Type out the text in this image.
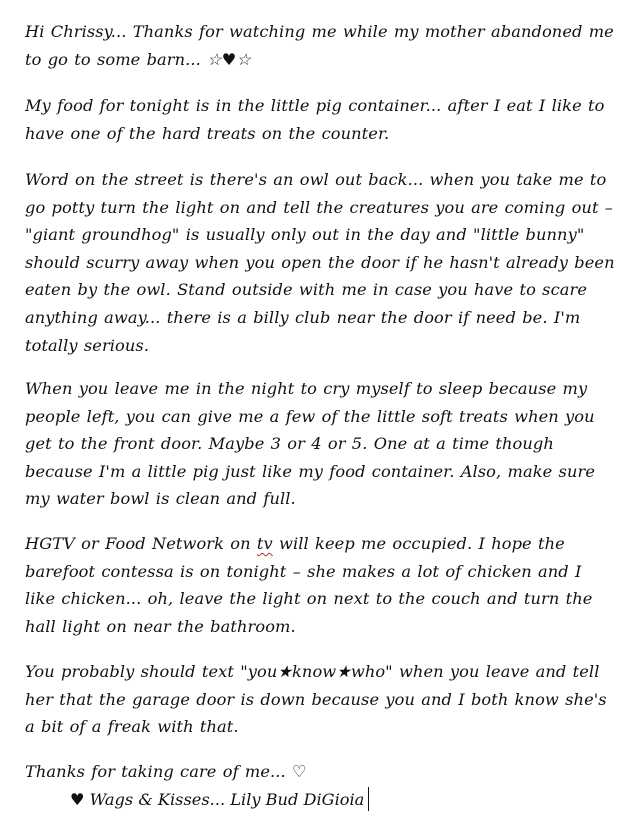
Hi Chrissy... Thanks for watching me while my mother abandoned me to go to some barn... ☆♥☆

My food for tonight is in the little pig container... after I eat I like to have one of the hard treats on the counter.

Word on the street is there's an owl out back... when you take me to go potty turn the light on and tell the creatures you are coming out – "giant groundhog" is usually only out in the day and "little bunny" should scurry away when you open the door if he hasn't already been eaten by the owl. Stand outside with me in case you have to scare anything away... there is a billy club near the door if need be. I'm totally serious.

When you leave me in the night to cry myself to sleep because my people left, you can give me a few of the little soft treats when you get to the front door. Maybe 3 or 4 or 5. One at a time though because I'm a little pig just like my food container. Also, make sure my water bowl is clean and full.

HGTV or Food Network on tv will keep me occupied. I hope the barefoot contessa is on tonight – she makes a lot of chicken and I like chicken... oh, leave the light on next to the couch and turn the hall light on near the bathroom.

You probably should text "you★know★who" when you leave and tell her that the garage door is down because you and I both know she's a bit of a freak with that.

Thanks for taking care of me... ♡

♥ Wags & Kisses... Lily Bud DiGioia
